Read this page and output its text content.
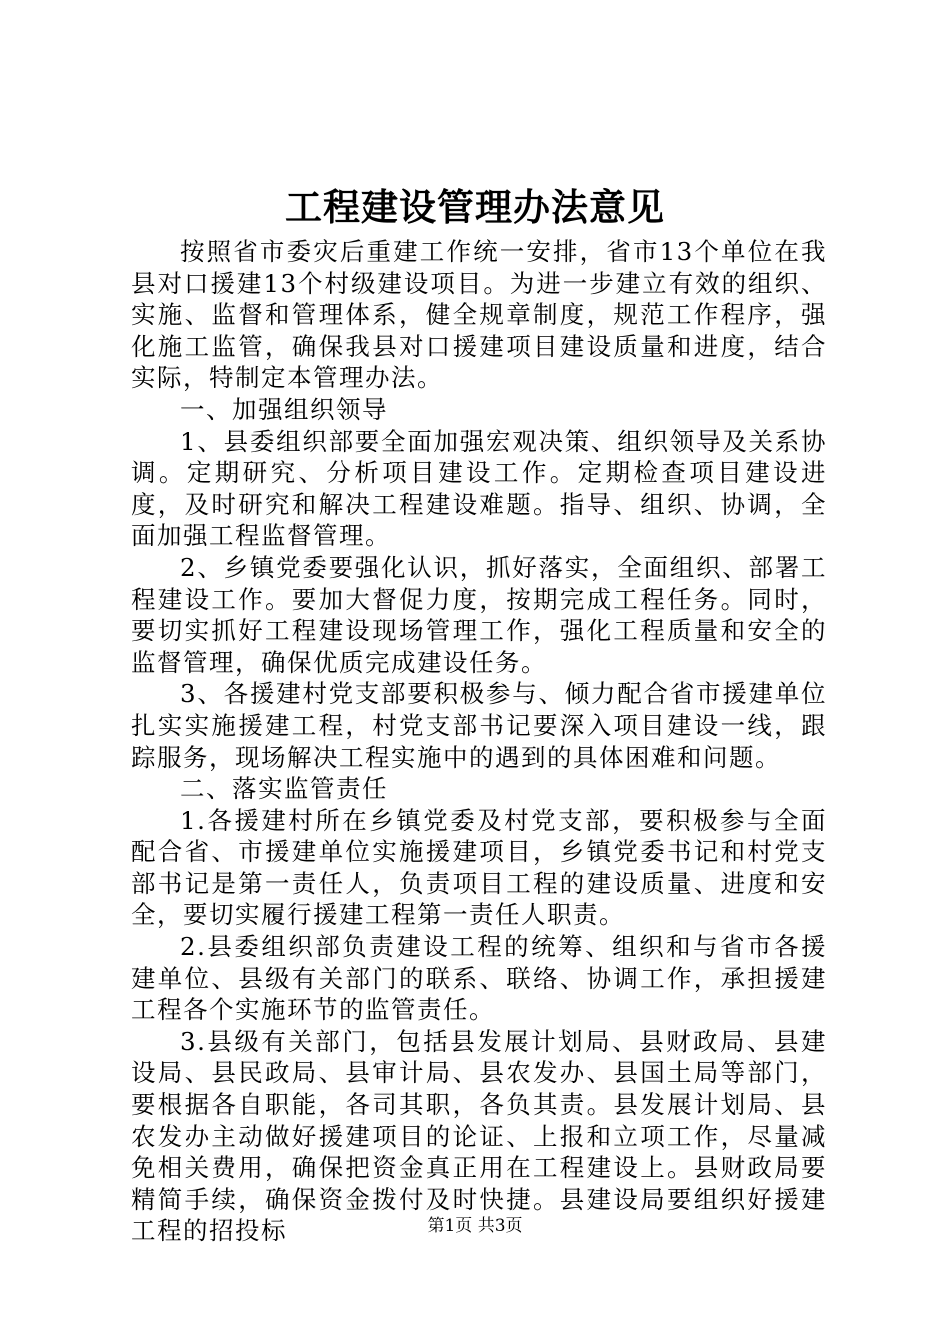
工程建设管理办法意见

按照省市委灾后重建工作统一安排，省市13个单位在我县对口援建13个村级建设项目。为进一步建立有效的组织、实施、监督和管理体系，健全规章制度，规范工作程序，强化施工监管，确保我县对口援建项目建设质量和进度，结合实际，特制定本管理办法。

一、加强组织领导

1、县委组织部要全面加强宏观决策、组织领导及关系协调。定期研究、分析项目建设工作。定期检查项目建设进度，及时研究和解决工程建设难题。指导、组织、协调，全面加强工程监督管理。

2、乡镇党委要强化认识，抓好落实，全面组织、部署工程建设工作。要加大督促力度，按期完成工程任务。同时，要切实抓好工程建设现场管理工作，强化工程质量和安全的监督管理，确保优质完成建设任务。

3、各援建村党支部要积极参与、倾力配合省市援建单位扎实实施援建工程，村党支部书记要深入项目建设一线，跟踪服务，现场解决工程实施中的遇到的具体困难和问题。

二、落实监管责任

1.各援建村所在乡镇党委及村党支部，要积极参与全面配合省、市援建单位实施援建项目，乡镇党委书记和村党支部书记是第一责任人，负责项目工程的建设质量、进度和安全，要切实履行援建工程第一责任人职责。

2.县委组织部负责建设工程的统筹、组织和与省市各援建单位、县级有关部门的联系、联络、协调工作，承担援建工程各个实施环节的监管责任。

3.县级有关部门，包括县发展计划局、县财政局、县建设局、县民政局、县审计局、县农发办、县国土局等部门，要根据各自职能，各司其职，各负其责。县发展计划局、县农发办主动做好援建项目的论证、上报和立项工作，尽量减免相关费用，确保把资金真正用在工程建设上。县财政局要精简手续，确保资金拨付及时快捷。县建设局要组织好援建工程的招投标	第1页 共3页
